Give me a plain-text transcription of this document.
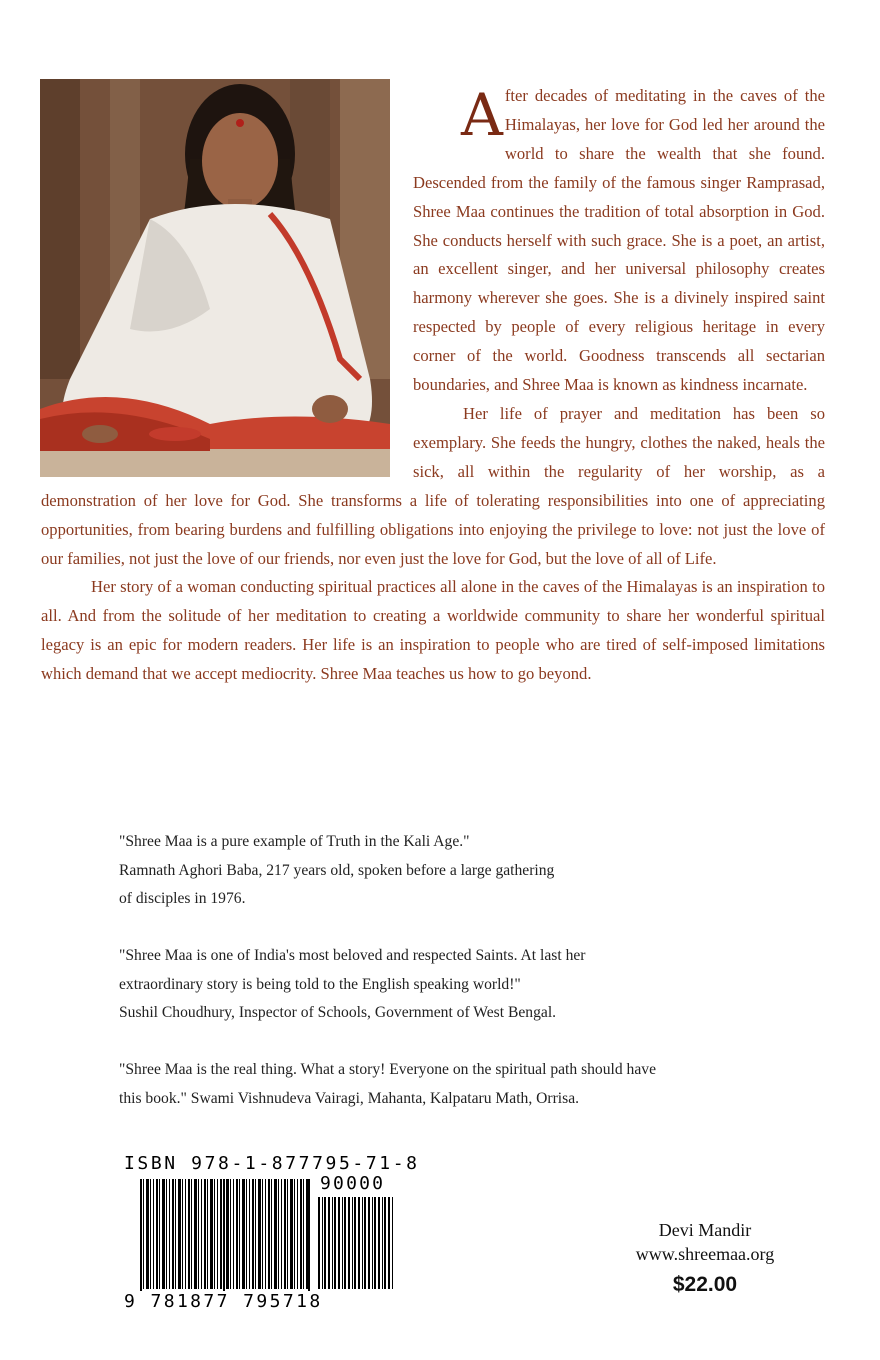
After decades of meditating in the caves of the Himalayas, her love for God led her around the world to share the wealth that she found. Descended from the family of the famous singer Ramprasad, Shree Maa continues the tradition of total absorption in God. She conducts herself with such grace. She is a poet, an artist, an excellent singer, and her universal philosophy creates harmony wherever she goes. She is a divinely inspired saint respected by people of every religious heritage in every corner of the world. Goodness transcends all sectarian boundaries, and Shree Maa is known as kindness incarnate.

Her life of prayer and meditation has been so exemplary. She feeds the hungry, clothes the naked, heals the sick, all within the regularity of her worship, as a demonstration of her love for God. She transforms a life of tolerating responsibilities into one of appreciating opportunities, from bearing burdens and fulfilling obligations into enjoying the privilege to love: not just the love of our families, not just the love of our friends, nor even just the love for God, but the love of all of Life.

Her story of a woman conducting spiritual practices all alone in the caves of the Himalayas is an inspiration to all. And from the solitude of her meditation to creating a worldwide community to share her wonderful spiritual legacy is an epic for modern readers. Her life is an inspiration to people who are tired of self-imposed limitations which demand that we accept mediocrity. Shree Maa teaches us how to go beyond.

"Shree Maa is a pure example of Truth in the Kali Age."
Ramnath Aghori Baba, 217 years old, spoken before a large gathering
of disciples in 1976.
"Shree Maa is one of India's most beloved and respected Saints. At last her
extraordinary story is being told to the English speaking world!"
Sushil Choudhury, Inspector of Schools, Government of West Bengal.
"Shree Maa is the real thing. What a story! Everyone on the spiritual path should have
this book." Swami Vishnudeva Vairagi, Mahanta, Kalpataru Math, Orrisa.
ISBN 978-1-877795-71-8
90000
9 781877 795718
Devi Mandir
www.shreemaa.org
$22.00
